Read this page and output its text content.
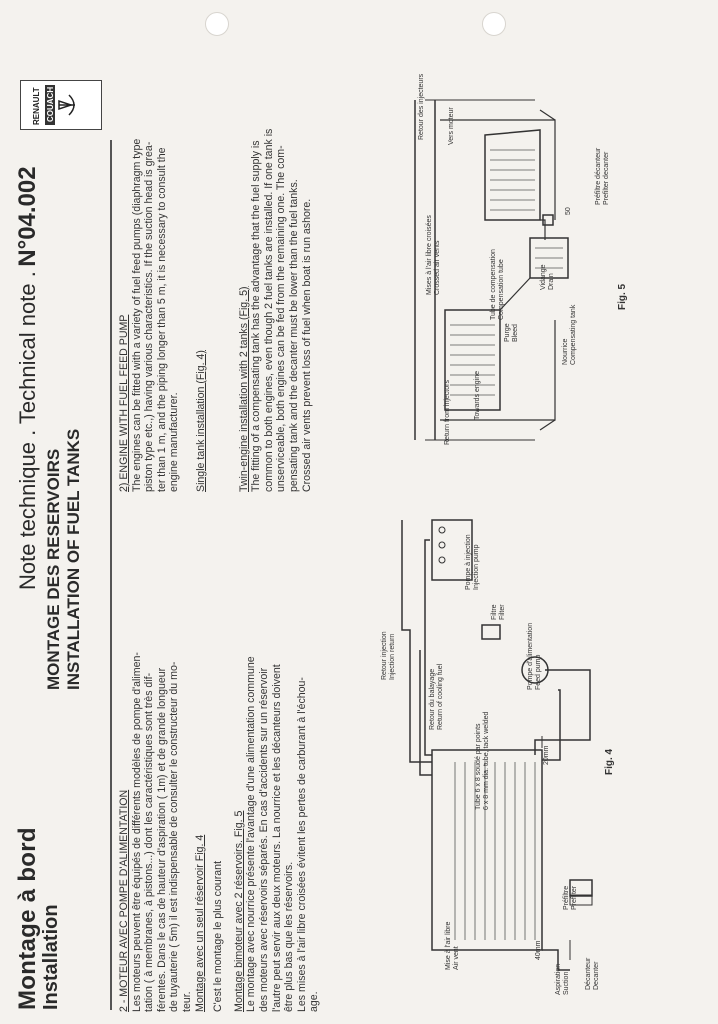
RENAULT COUACH
Montage à bord Installation
Note technique . Technical note . N°04.002
MONTAGE DES RESERVOIRS INSTALLATION OF FUEL TANKS

2 - MOTEUR AVEC POMPE D'ALIMENTATION Les moteurs peuvent être équipés de différents modèles de pompe d'alimen- tation ( à membranes, à pistons...) dont les caractéristiques sont très dif- férentes. Dans le cas de hauteur d'aspiration ( 1m) et de grande longueur de tuyauterie ( 5m) il est indispensable de consulter le constructeur du mo- teur. Montage avec un seul réservoir Fig. 4 C'est le montage le plus courant Montage bimoteur avec 2 réservoirs. Fig. 5 Le montage avec nourrice présente l'avantage d'une alimentation commune des moteurs avec réservoirs séparés. En cas d'accidents sur un réservoir l'autre peut servir aux deux moteurs. La nourrice et les décanteurs doivent être plus bas que les réservoirs. Les mises à l'air libre croisées évitent les pertes de carburant à l'échou- age.

2) ENGINE WITH FUEL FEED PUMP The engines can be fitted with a variety of fuel feed pumps (diaphragm type piston type etc.,) having various characteristics. If the suction head is grea- ter than 1 m, and the piping longer than 5 m, it is necessary to consult the engine manufacturer. Single tank installation (Fig. 4)	Twin-engine installation with 2 tanks (Fig. 5) The fitting of a compensating tank has the advantage that the fuel supply is common to both engines, even though 2 fuel tanks are installed. If one tank is unserviceable, both engines can be fed from the remaining one. The com- pensating tank and the decanter must be lower than the fuel tanks. Crossed air vents prevent loss of fuel when boat is run ashore.

Mise à l'air libre Air vent
Préfiltre Prefilter
Décanteur Decanter
Aspiration Suction
40mm
20mm
Tube 6 x 8 soudé par points 6 x 8 mm dia. tube, tack welded
Retour du balayage Return of cooling fuel
Retour injection Injection return	Pompe d'alimentation Feed pump
Filtre Filter
Pompe à injection Injection pump
Fig. 4
Retour des injecteurs	Vers moteur
Préfiltre décanteur Prefilter decanter
50
Mises à l'air libre croisées Crossed air vents	Tube de compensation Compensation tube	Vidange Drain
Nourrice Compensating tank
Purge Bleed
Towards engine
Return from injectors
Fig. 5
